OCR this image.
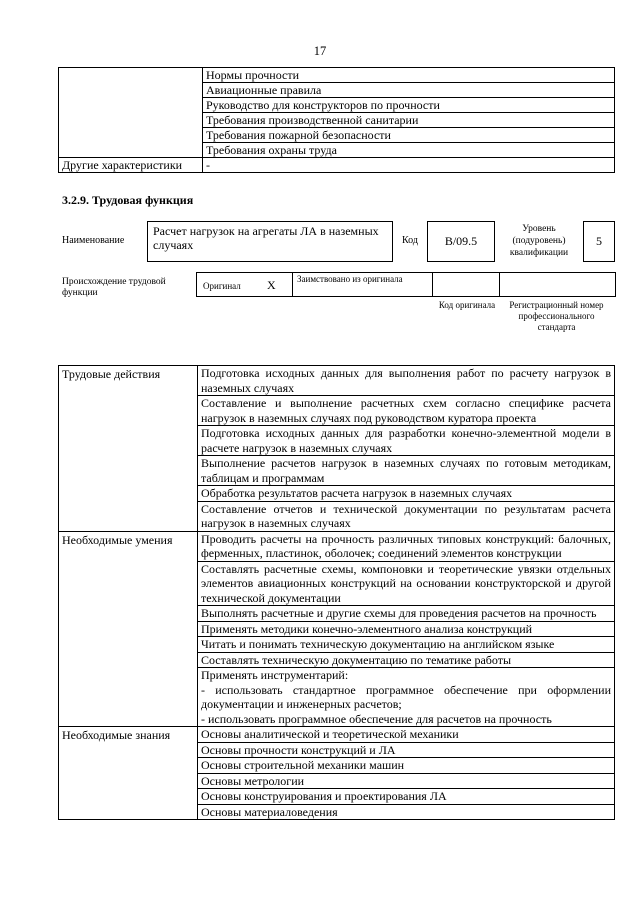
17
	Нормы прочности
	Авиационные правила
	Руководство для конструкторов по прочности
	Требования производственной санитарии
	Требования пожарной безопасности
	Требования охраны труда
Другие характеристики	-
3.2.9. Трудовая функция
Наименование
Расчет нагрузок на агрегаты ЛА в наземных случаях	Код	В/09.5
Уровень (подуровень) квалификации
5
Происхождение трудовой функции
Оригинал X Заимствовано из оригинала
Код оригинала	Регистрационный номер профессионального стандарта
Трудовые действия	Подготовка исходных данных для выполнения работ по расчету нагрузок в наземных случаях
	Составление и выполнение расчетных схем согласно специфике расчета нагрузок в наземных случаях под руководством куратора проекта
	Подготовка исходных данных для разработки конечно-элементной модели в расчете нагрузок в наземных случаях
	Выполнение расчетов нагрузок в наземных случаях по готовым методикам, таблицам и программам
	Обработка результатов расчета нагрузок в наземных случаях
	Составление отчетов и технической документации по результатам расчета нагрузок в наземных случаях
Необходимые умения	Проводить расчеты на прочность различных типовых конструкций: балочных, ферменных, пластинок, оболочек; соединений элементов конструкции
	Составлять расчетные схемы, компоновки и теоретические увязки отдельных элементов авиационных конструкций на основании конструкторской и другой технической документации
	Выполнять расчетные и другие схемы для проведения расчетов на прочность
	Применять методики конечно-элементного анализа конструкций
	Читать и понимать техническую документацию на английском языке
	Составлять техническую документацию по тематике работы

	Применять инструментарий:
- использовать стандартное программное обеспечение при оформлении документации и инженерных расчетов;
- использовать программное обеспечение для расчетов на прочность

Необходимые знания	Основы аналитической и теоретической механики
	Основы прочности конструкций и ЛА
	Основы строительной механики машин
	Основы метрологии
	Основы конструирования и проектирования ЛА
	Основы материаловедения
